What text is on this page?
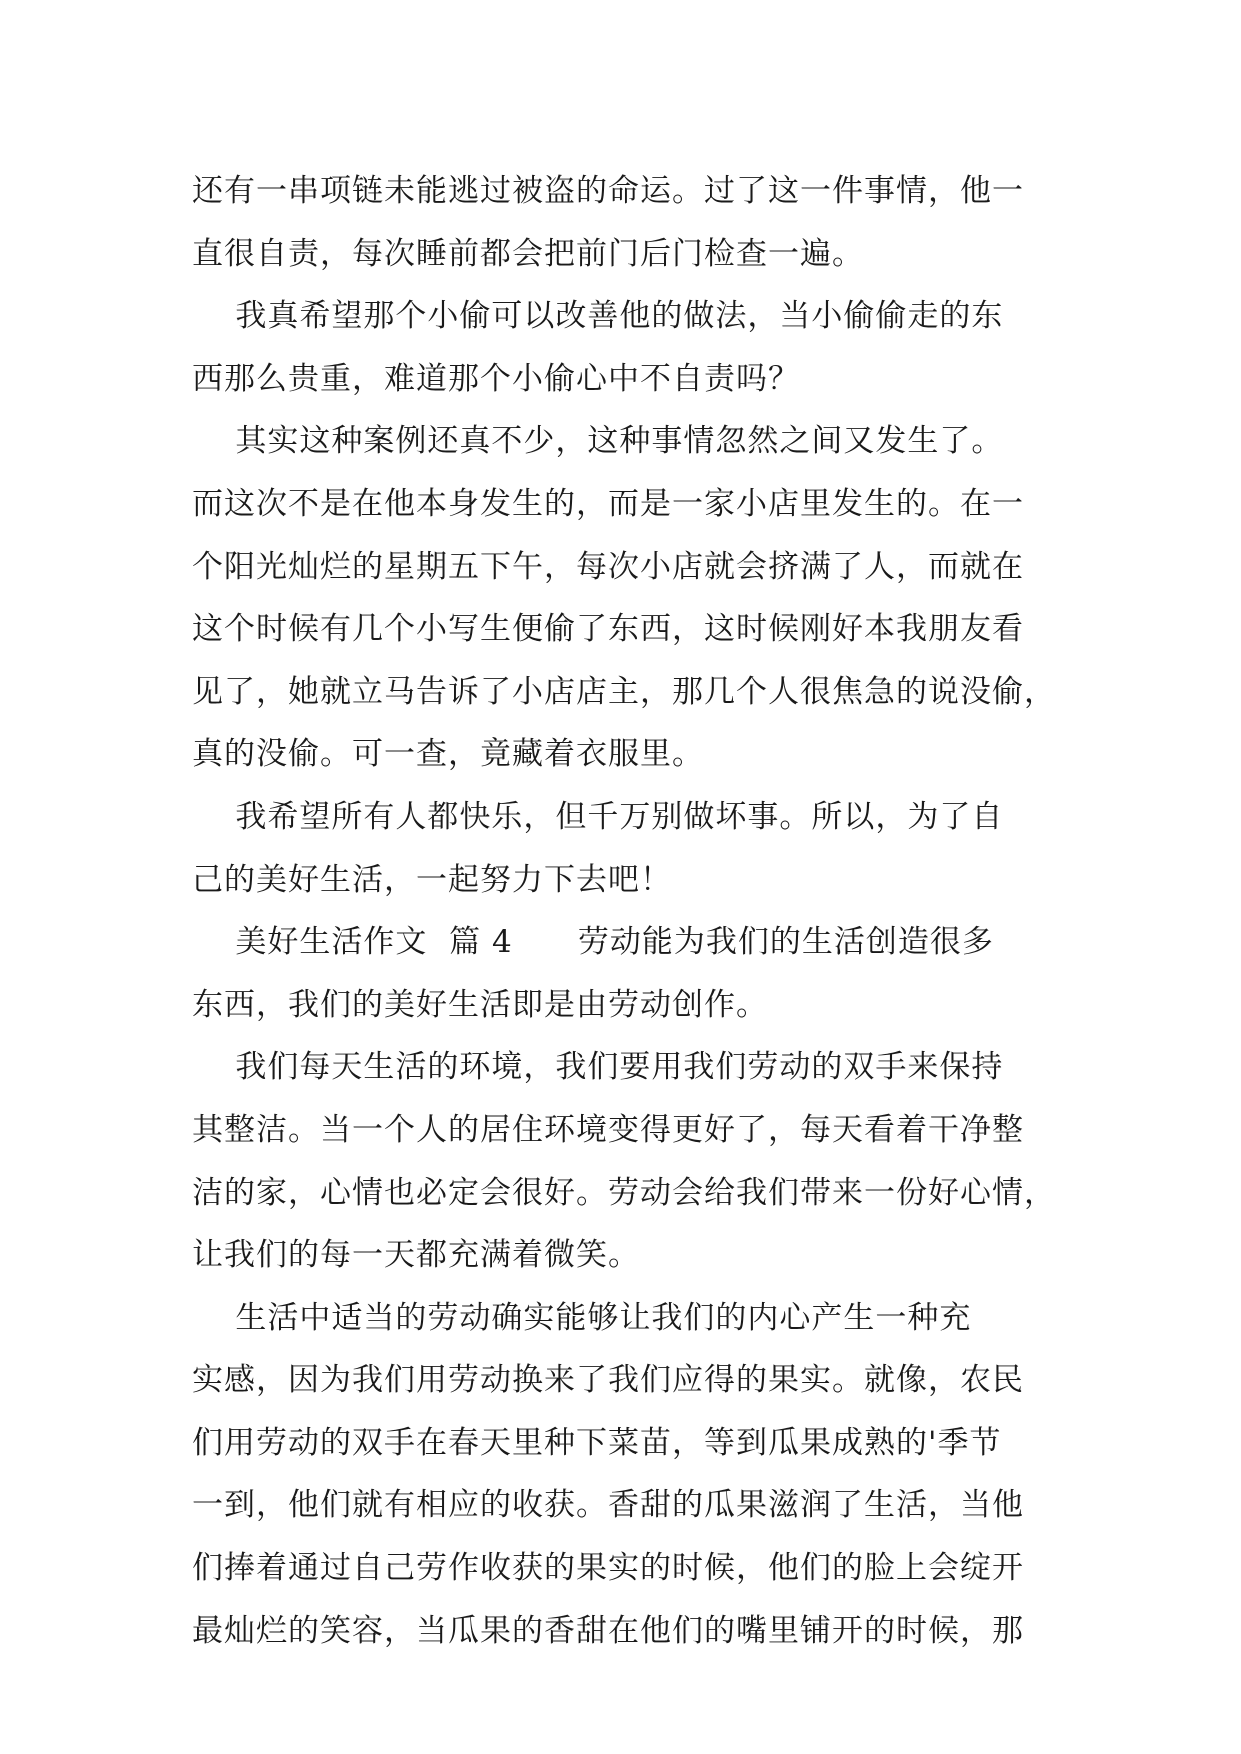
还有一串项链未能逃过被盗的命运。过了这一件事情，他一
直很自责，每次睡前都会把前门后门检查一遍。
我真希望那个小偷可以改善他的做法，当小偷偷走的东
西那么贵重，难道那个小偷心中不自责吗？
其实这种案例还真不少，这种事情忽然之间又发生了。
而这次不是在他本身发生的，而是一家小店里发生的。在一
个阳光灿烂的星期五下午，每次小店就会挤满了人，而就在
这个时候有几个小写生便偷了东西，这时候刚好本我朋友看
见了，她就立马告诉了小店店主，那几个人很焦急的说没偷，
真的没偷。可一查，竟藏着衣服里。
我希望所有人都快乐，但千万别做坏事。所以，为了自
己的美好生活，一起努力下去吧！
美好生活作文  篇 4      劳动能为我们的生活创造很多
东西，我们的美好生活即是由劳动创作。
我们每天生活的环境，我们要用我们劳动的双手来保持
其整洁。当一个人的居住环境变得更好了，每天看着干净整
洁的家，心情也必定会很好。劳动会给我们带来一份好心情，
让我们的每一天都充满着微笑。
生活中适当的劳动确实能够让我们的内心产生一种充
实感，因为我们用劳动换来了我们应得的果实。就像，农民
们用劳动的双手在春天里种下菜苗，等到瓜果成熟的'季节
一到，他们就有相应的收获。香甜的瓜果滋润了生活，当他
们捧着通过自己劳作收获的果实的时候，他们的脸上会绽开
最灿烂的笑容，当瓜果的香甜在他们的嘴里铺开的时候，那
